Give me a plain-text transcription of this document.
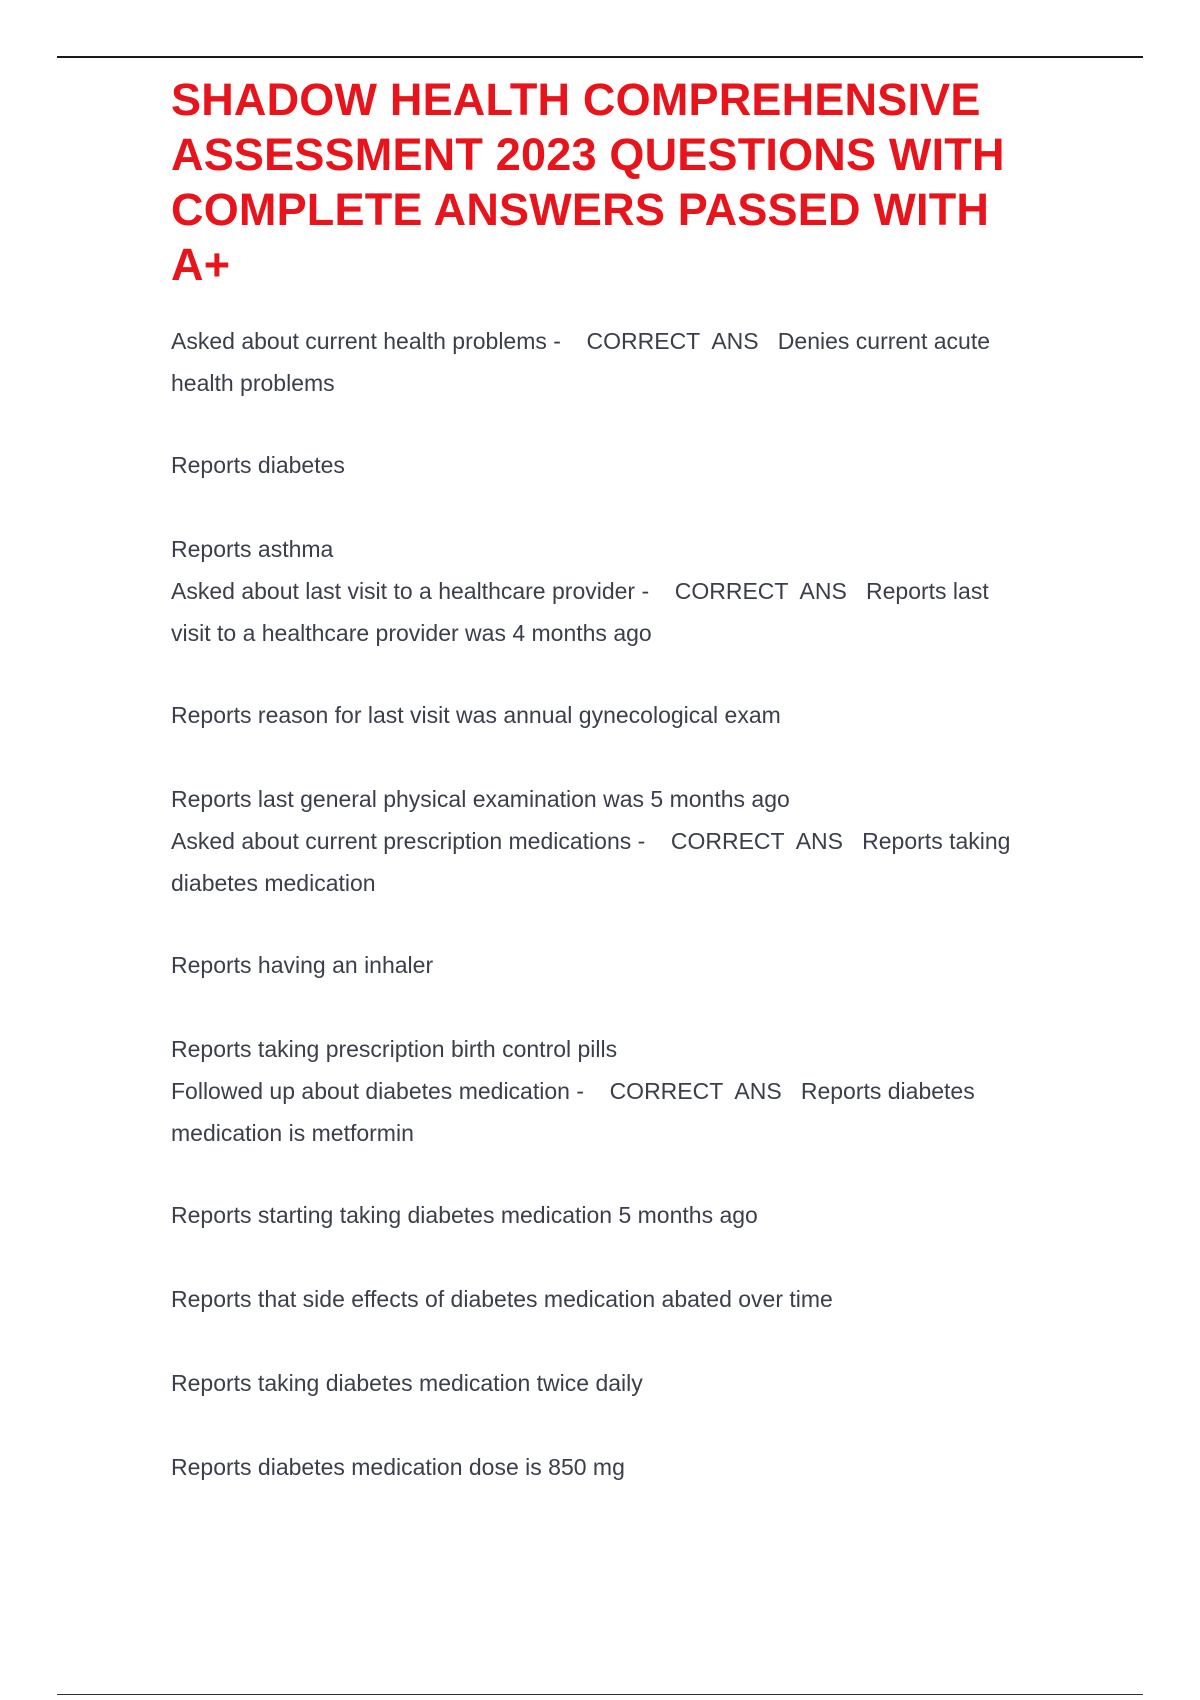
SHADOW HEALTH COMPREHENSIVE
ASSESSMENT 2023 QUESTIONS WITH
COMPLETE ANSWERS PASSED WITH
A+
Asked about current health problems -    CORRECT  ANS Denies current acute
health problems
Reports diabetes
Reports asthma
Asked about last visit to a healthcare provider -    CORRECT  ANS Reports last
visit to a healthcare provider was 4 months ago
Reports reason for last visit was annual gynecological exam
Reports last general physical examination was 5 months ago
Asked about current prescription medications -    CORRECT  ANS Reports taking
diabetes medication
Reports having an inhaler
Reports taking prescription birth control pills
Followed up about diabetes medication -    CORRECT  ANS Reports diabetes
medication is metformin
Reports starting taking diabetes medication 5 months ago
Reports that side effects of diabetes medication abated over time
Reports taking diabetes medication twice daily
Reports diabetes medication dose is 850 mg
